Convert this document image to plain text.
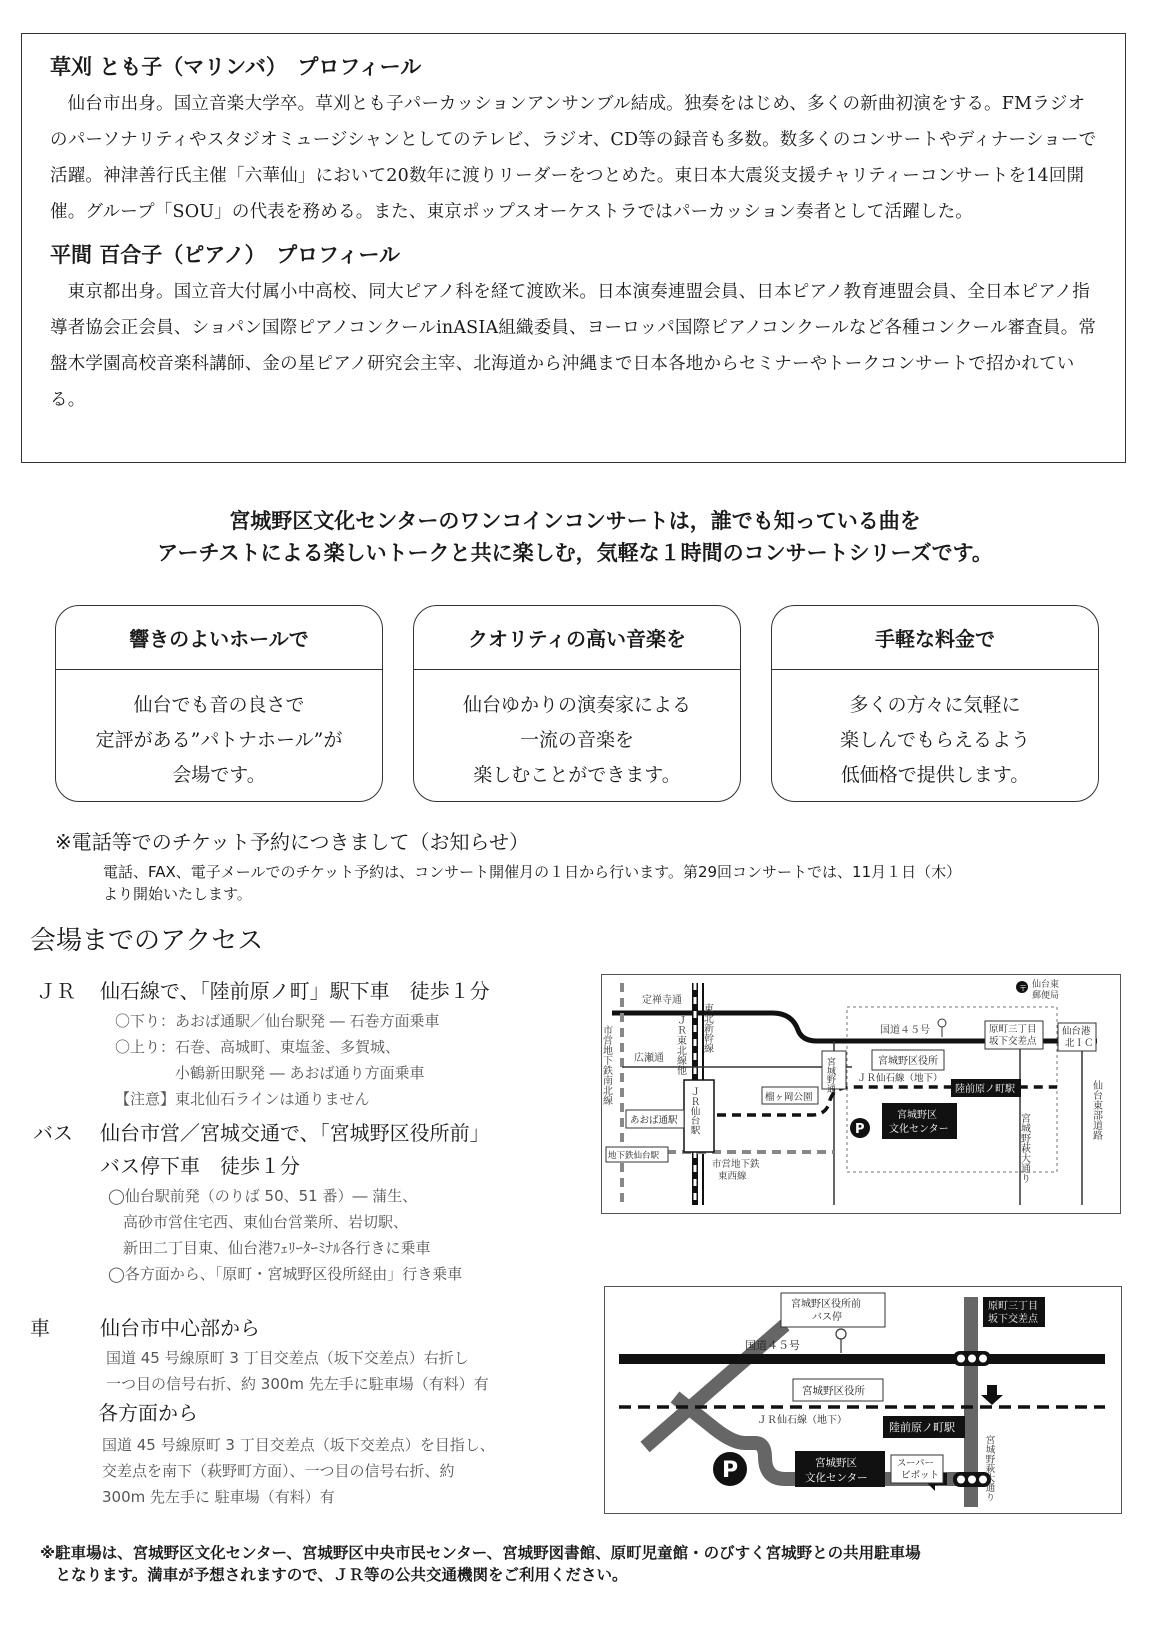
草刈 とも子（マリンバ）　プロフィール
仙台市出身。国立音楽大学卒。草刈とも子パーカッションアンサンブル結成。独奏をはじめ、多くの新曲初演をする。FMラジオのパーソナリティやスタジオミュージシャンとしてのテレビ、ラジオ、CD等の録音も多数。数多くのコンサートやディナーショーで活躍。神津善行氏主催「六華仙」において20数年に渡りリーダーをつとめた。東日本大震災支援チャリティーコンサートを14回開催。グループ「SOU」の代表を務める。また、東京ポップスオーケストラではパーカッション奏者として活躍した。
平間 百合子（ピアノ）　プロフィール
東京都出身。国立音大付属小中高校、同大ピアノ科を経て渡欧米。日本演奏連盟会員、日本ピアノ教育連盟会員、全日本ピアノ指導者協会正会員、ショパン国際ピアノコンクールinASIA組織委員、ヨーロッパ国際ピアノコンクールなど各種コンクール審査員。常盤木学園高校音楽科講師、金の星ピアノ研究会主宰、北海道から沖縄まで日本各地からセミナーやトークコンサートで招かれている。
宮城野区文化センターのワンコインコンサートは，誰でも知っている曲を
アーチストによる楽しいトークと共に楽しむ，気軽な１時間のコンサートシリーズです。
響きのよいホールで
仙台でも音の良さで
定評がある”パトナホール”が
会場です。
クオリティの高い音楽を
仙台ゆかりの演奏家による
一流の音楽を
楽しむことができます。
手軽な料金で
多くの方々に気軽に
楽しんでもらえるよう
低価格で提供します。
※電話等でのチケット予約につきまして（お知らせ）
電話、FAX、電子メールでのチケット予約は、コンサート開催月の１日から行います。第29回コンサートでは、11月１日（木）
より開始いたします。
会場までのアクセス
ＪＲ 仙石線で、「陸前原ノ町」駅下車　徒歩１分
〇下り：あおば通駅／仙台駅発 ― 石巻方面乗車
〇上り：石巻、高城町、東塩釜、多賀城、
　　　　小鶴新田駅発 ― あおば通り方面乗車
【注意】東北仙石ラインは通りません
バス 仙台市営／宮城交通で、「宮城野区役所前」
バス停下車　徒歩１分
◯仙台駅前発（のりば 50、51 番）― 蒲生、
　高砂市営住宅西、東仙台営業所、岩切駅、
　新田二丁目東、仙台港ﾌｪﾘｰﾀｰﾐﾅﾙ各行きに乗車
◯各方面から、「原町・宮城野区役所経由」行き乗車
車	仙台市中心部から
国道 45 号線原町 3 丁目交差点（坂下交差点）右折し
一つ目の信号右折、約 300m 先左手に駐車場（有料）有
各方面から
国道 45 号線原町 3 丁目交差点（坂下交差点）を目指し、
交差点を南下（萩野町方面）、一つ目の信号右折、約
300m 先左手に 駐車場（有料）有
定禅寺通
国道４５号
〒 仙台東
郵便局
原町三丁目
坂下交差点
仙台港
北ＩＣ
市営地下鉄南北線	ＪＲ東北線他 東北新幹線
仙台東部道路
宮城野萩大通り
広瀬通	宮城野通	宮城野区役所
ＪＲ仙石線（地下）
陸前原ノ町駅
榴ヶ岡公園
ＪＲ仙台駅
あおば通駅	宮城野区
文化センター
P
地下鉄仙台駅
市営地下鉄
東西線
宮城野区役所前
バス停
国道４５号
原町三丁目
坂下交差点
宮城野区役所
ＪＲ仙石線（地下）
陸前原ノ町駅
宮城野区
文化センター
スーパー
ビボット	宮城野萩大通り
P
※駐車場は、宮城野区文化センター、宮城野区中央市民センター、宮城野図書館、原町児童館・のびすく宮城野との共用駐車場
　となります。満車が予想されますので、ＪＲ等の公共交通機関をご利用ください。
